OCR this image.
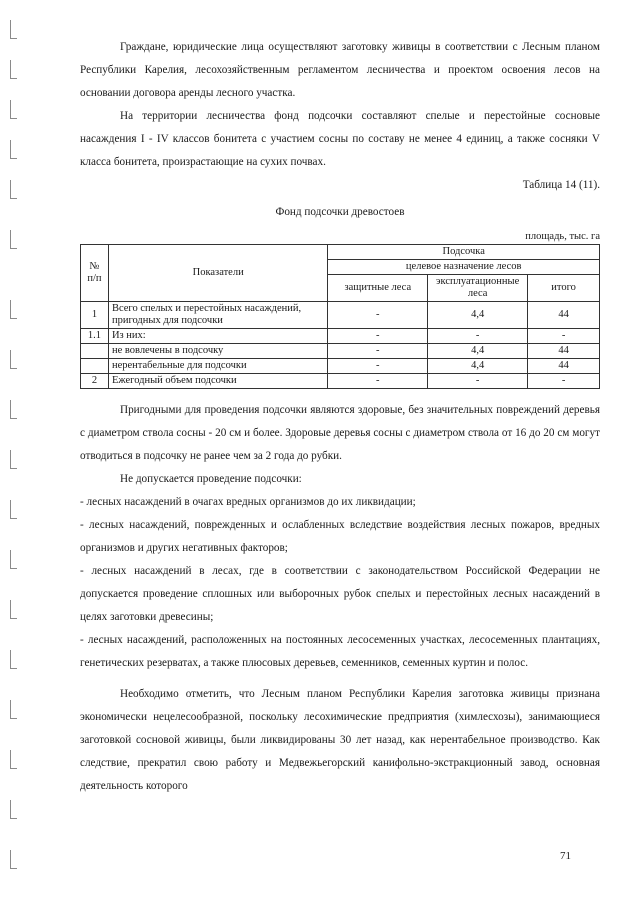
Граждане, юридические лица осуществляют заготовку живицы в соответствии с Лесным планом Республики Карелия, лесохозяйственным регламентом лесничества и проектом освоения лесов на основании договора аренды лесного участка.

На территории лесничества фонд подсочки составляют спелые и перестойные сосновые насаждения I - IV классов бонитета с участием сосны по составу не менее 4 единиц, а также сосняки V класса бонитета, произрастающие на сухих почвах.

Таблица 14 (11).

Фонд подсочки древостоев

площадь, тыс. га

№ п/п	Показатели	Подсочка		
		целевое назначение лесов		
		защитные леса	эксплуатационные леса	итого
1	Всего спелых и перестойных насаждений, пригодных для подсочки	-	4,4	44
1.1	Из них:	-	-	-
	не вовлечены в подсочку	-	4,4	44
	нерентабельные для подсочки	-	4,4	44
2	Ежегодный объем подсочки	-	-	-

Пригодными для проведения подсочки являются здоровые, без значительных повреждений деревья с диаметром ствола сосны - 20 см и более. Здоровые деревья сосны с диаметром ствола от 16 до 20 см могут отводиться в подсочку не ранее чем за 2 года до рубки.

Не допускается проведение подсочки:

- лесных насаждений в очагах вредных организмов до их ликвидации;

- лесных насаждений, поврежденных и ослабленных вследствие воздействия лесных пожаров, вредных организмов и других негативных факторов;

- лесных насаждений в лесах, где в соответствии с законодательством Российской Федерации не допускается проведение сплошных или выборочных рубок спелых и перестойных лесных насаждений в целях заготовки древесины;

- лесных насаждений, расположенных на постоянных лесосеменных участках, лесосеменных плантациях, генетических резерватах, а также плюсовых деревьев, семенников, семенных куртин и полос.

Необходимо отметить, что Лесным планом Республики Карелия заготовка живицы признана экономически нецелесообразной, поскольку лесохимические предприятия (химлесхозы), занимающиеся заготовкой сосновой живицы, были ликвидированы 30 лет назад, как нерентабельное производство. Как следствие, прекратил свою работу и Медвежьегорский канифольно-экстракционный завод, основная деятельность которого

71
